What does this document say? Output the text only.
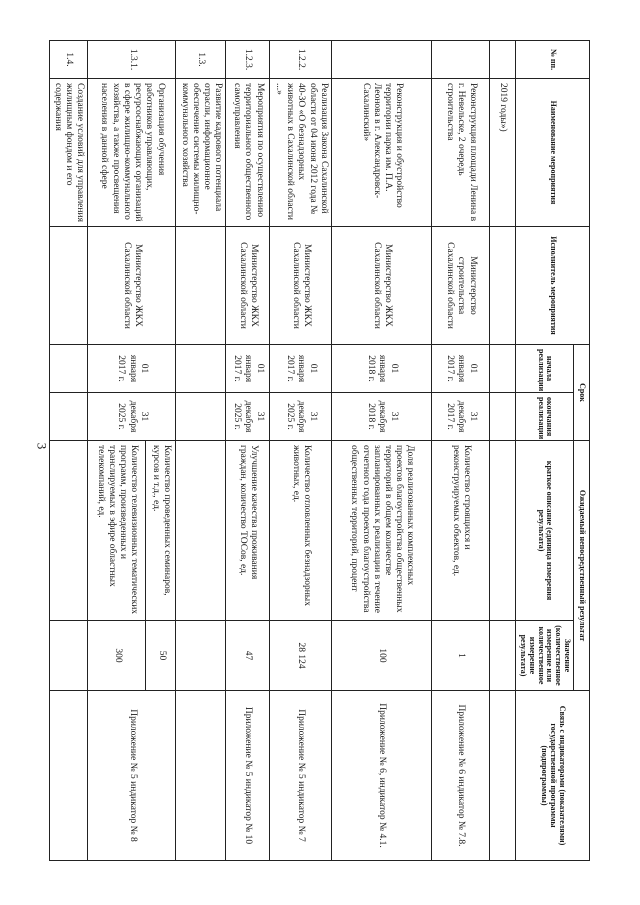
3
№ пп.	Наименование мероприятия	Исполнитель мероприятия	Срок		Ожидаемый непосредственный результат		Связь с индикаторами (показателями) государственной программы (подпрограммы)
			начала реализации	окончания реализации	краткое описание (единица измерения результата)	Значение (количественное измерение или количественное измерение результата)	
	2019 годы»)						
	Реконструкция площади Ленина в г. Невельске, 2 очередь строительства	Министерство строительства Сахалинской области	01 января 2017 г.	31 декабря 2017 г.	Количество строящихся и реконструируемых объектов, ед.	1	Приложение № 6 индикатор № 7.8.
	Реконструкция и обустройство территории парка им. П.А. Леонова в г. Александровск-Сахалинский»	Министерство ЖКХ Сахалинской области	01 января 2018 г.	31 декабря 2018 г.	Доля реализованных комплексных проектов благоустройства общественных территорий в общем количестве запланированных к реализации в течение отчетного года проектов благоустройства общественных территорий, процент	100	Приложение № 6, индикатор № 4.1.
1.2.2.	Реализация Закона Сахалинской области от 04 июня 2012 года № 40-ЗО «О безнадзорных животных в Сахалинской области ...»	Министерство ЖКХ Сахалинской области	01 января 2017 г.	31 декабря 2025 г.	Количество отловленных безнадзорных животных, ед.	28 124	Приложение № 5 индикатор № 7
1.2.3.	Мероприятия по осуществлению территориального общественного самоуправления	Министерство ЖКХ Сахалинской области	01 января 2017 г.	31 декабря 2025 г.	Улучшение качества проживания граждан, количество ТОСов, ед.	47	Приложение № 5 индикатор № 10
1.3.	Развитие кадрового потенциала отрасли, информационное обеспечение системы жилищно-коммунального хозяйства						
1.3.1.	Организация обучения работников управляющих, ресурсоснабжающих организаций в сфере жилищно-коммунального хозяйства, а также просвещения населения в данной сфере	Министерство ЖКХ Сахалинской области	01 января 2017 г.	31 декабря 2025 г.	Количество проведенных семинаров, курсов и т.д., ед.	50	Приложение № 5 индикатор № 8
					Количество телевизионных тематических программ, произведенных и транслируемых в эфире областных телекомпаний, ед.	300	
1.4.	Создание условий для управления жилищным фондом и его содержания						
